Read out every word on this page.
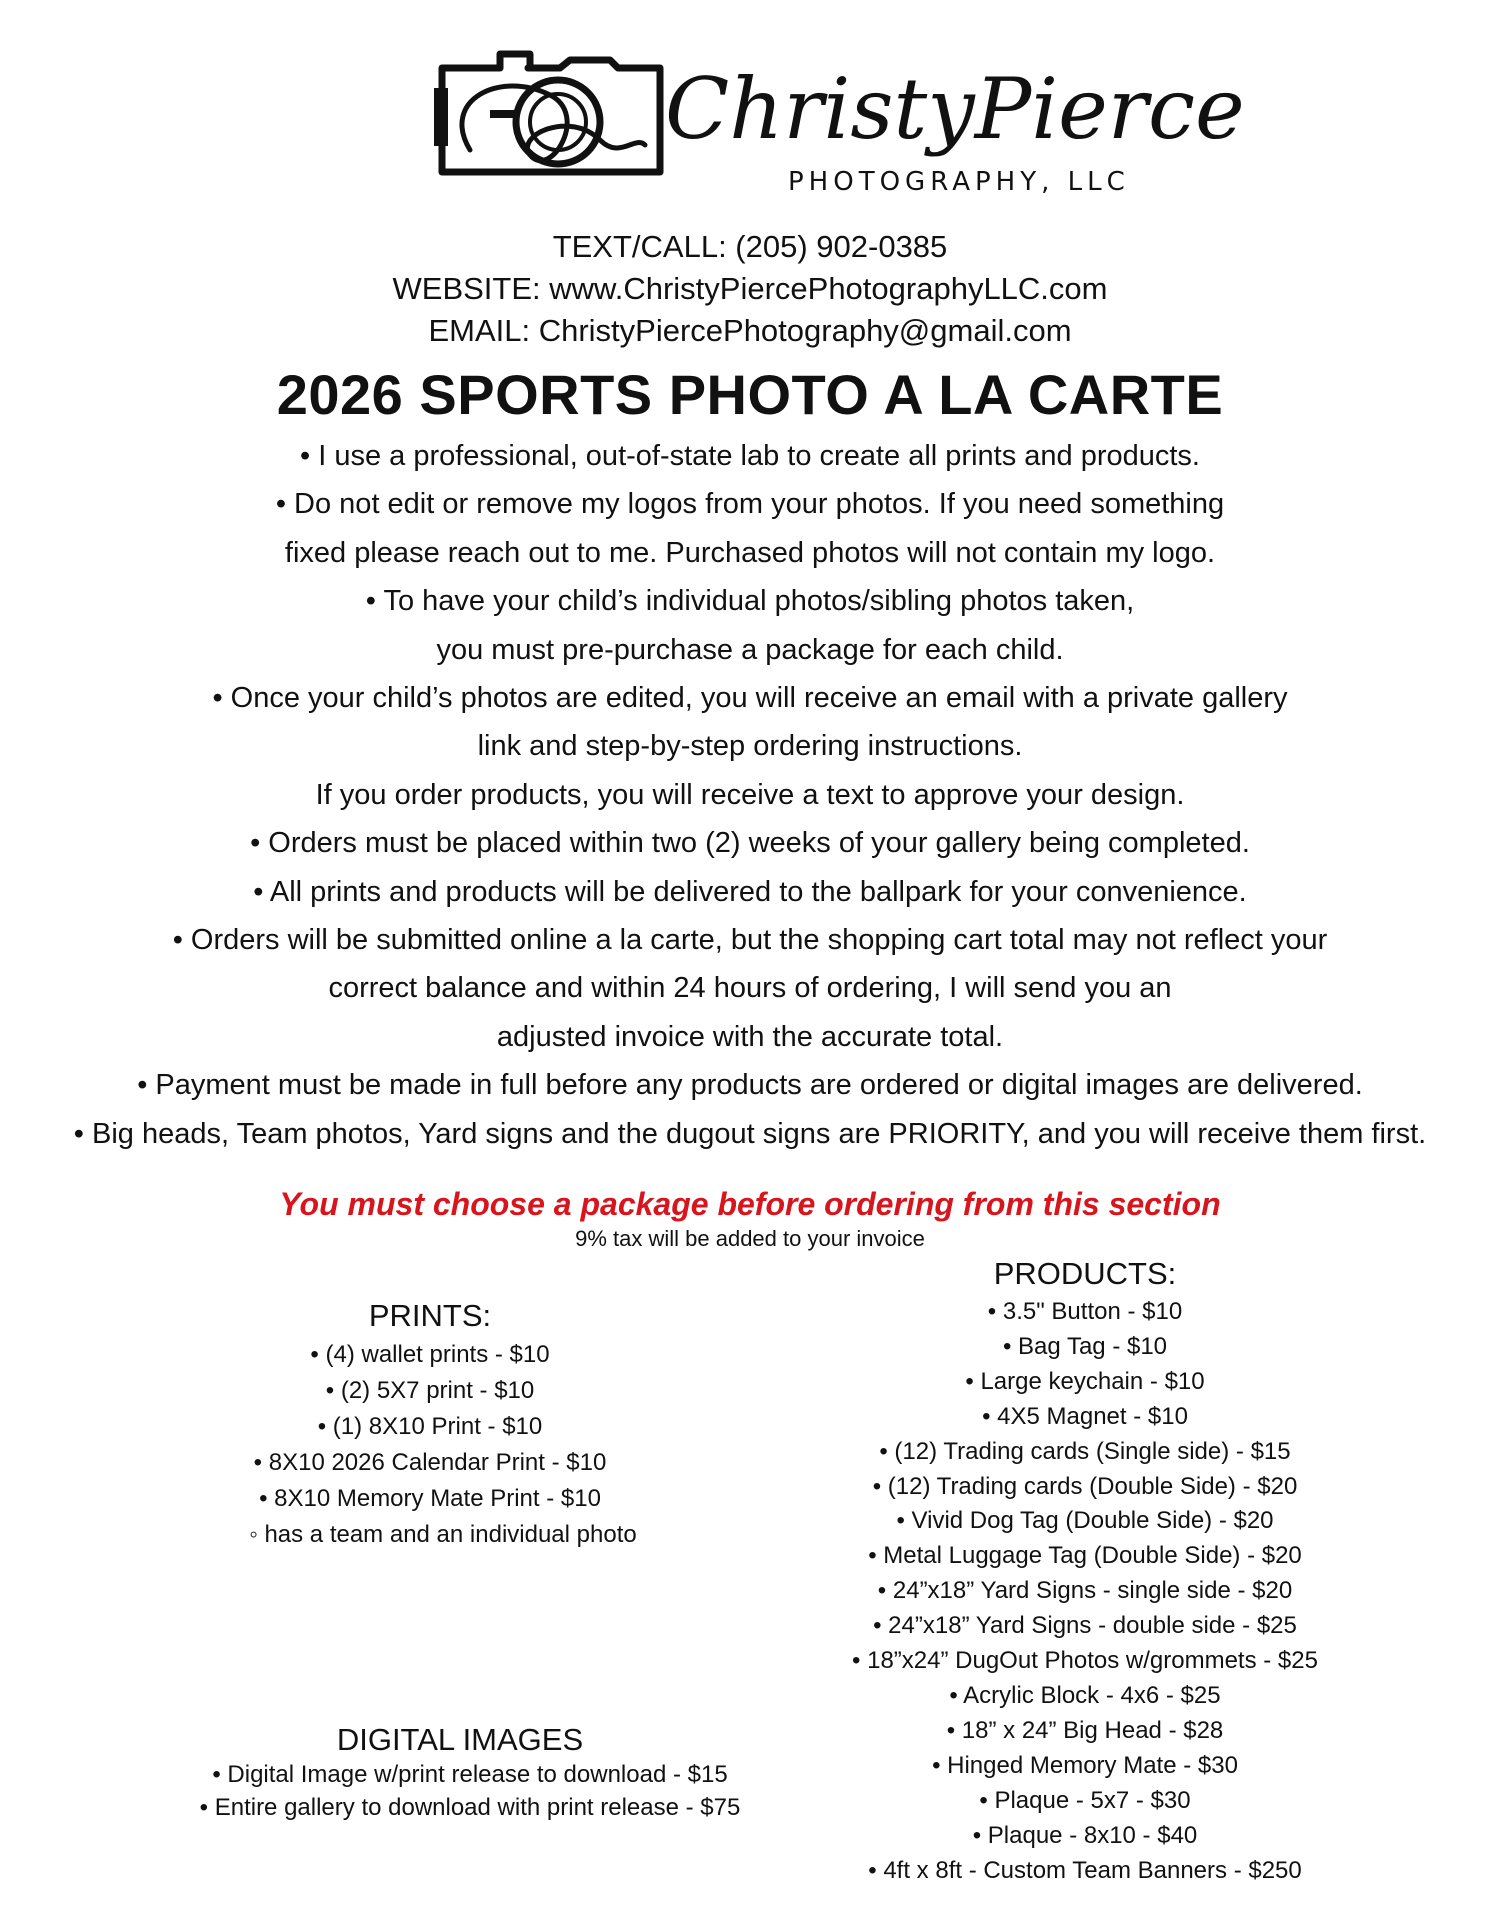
ChristyPierce
PHOTOGRAPHY, LLC
TEXT/CALL: (205) 902-0385
WEBSITE: www.ChristyPiercePhotographyLLC.com
EMAIL: ChristyPiercePhotography@gmail.com
2026 SPORTS PHOTO A LA CARTE
• I use a professional, out-of-state lab to create all prints and products.
• Do not edit or remove my logos from your photos. If you need something
fixed please reach out to me. Purchased photos will not contain my logo.
• To have your child’s individual photos/sibling photos taken,
you must pre-purchase a package for each child.
• Once your child’s photos are edited, you will receive an email with a private gallery
link and step-by-step ordering instructions.
If you order products, you will receive a text to approve your design.
• Orders must be placed within two (2) weeks of your gallery being completed.
• All prints and products will be delivered to the ballpark for your convenience.
• Orders will be submitted online a la carte, but the shopping cart total may not reflect your
correct balance and within 24 hours of ordering, I will send you an
adjusted invoice with the accurate total.
• Payment must be made in full before any products are ordered or digital images are delivered.
• Big heads, Team photos, Yard signs and the dugout signs are PRIORITY, and you will receive them first.
You must choose a package before ordering from this section
9% tax will be added to your invoice
PRINTS:
• (4) wallet prints - $10
• (2) 5X7 print - $10
• (1) 8X10 Print - $10
• 8X10 2026 Calendar Print - $10
• 8X10 Memory Mate Print - $10
◦ has a team and an individual photo
DIGITAL IMAGES
• Digital Image w/print release to download - $15
• Entire gallery to download with print release - $75
PRODUCTS:
• 3.5" Button - $10
• Bag Tag - $10
• Large keychain - $10
• 4X5 Magnet - $10
• (12) Trading cards (Single side) - $15
• (12) Trading cards (Double Side) - $20
• Vivid Dog Tag (Double Side) - $20
• Metal Luggage Tag (Double Side) - $20
• 24”x18” Yard Signs - single side - $20
• 24”x18” Yard Signs - double side - $25
• 18”x24” DugOut Photos w/grommets - $25
• Acrylic Block - 4x6 - $25
• 18” x 24” Big Head - $28
• Hinged Memory Mate - $30
• Plaque - 5x7 - $30
• Plaque - 8x10 - $40
• 4ft x 8ft - Custom Team Banners - $250
